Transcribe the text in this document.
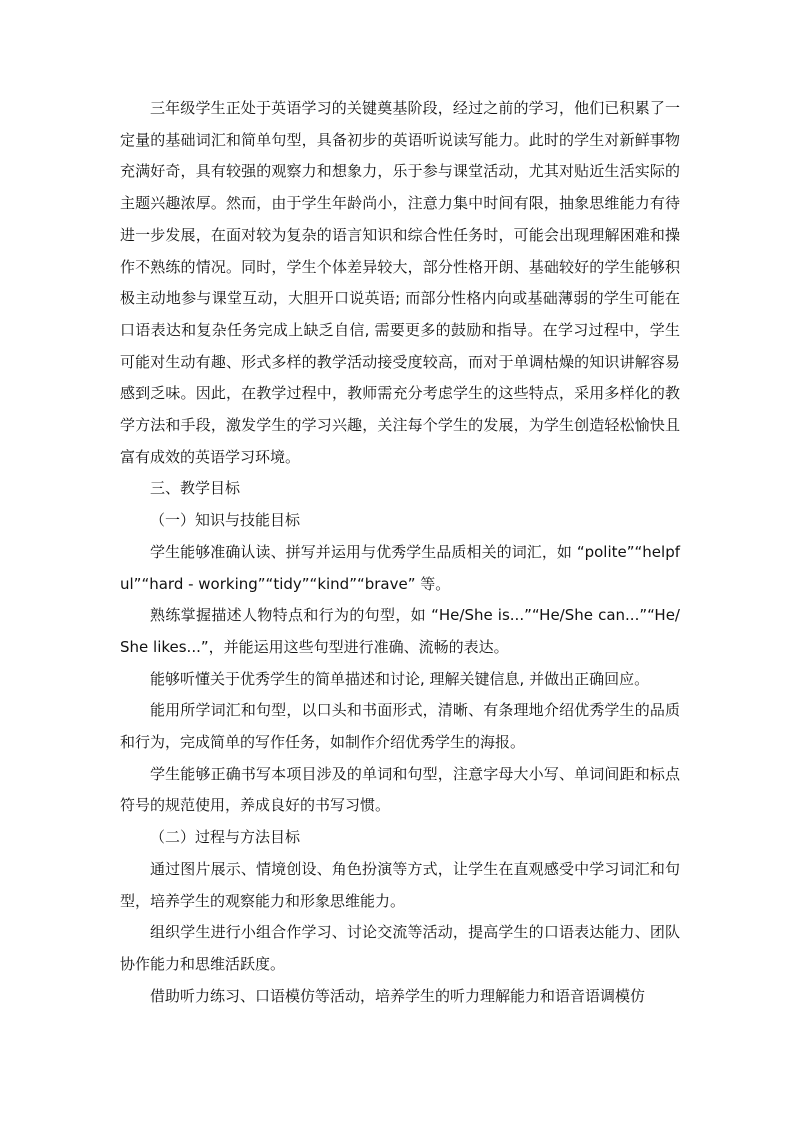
三年级学生正处于英语学习的关键奠基阶段，经过之前的学习，他们已积累了一定量的基础词汇和简单句型，具备初步的英语听说读写能力。此时的学生对新鲜事物充满好奇，具有较强的观察力和想象力，乐于参与课堂活动，尤其对贴近生活实际的主题兴趣浓厚。然而，由于学生年龄尚小，注意力集中时间有限，抽象思维能力有待进一步发展，在面对较为复杂的语言知识和综合性任务时，可能会出现理解困难和操作不熟练的情况。同时，学生个体差异较大，部分性格开朗、基础较好的学生能够积极主动地参与课堂互动，大胆开口说英语; 而部分性格内向或基础薄弱的学生可能在口语表达和复杂任务完成上缺乏自信, 需要更多的鼓励和指导。在学习过程中，学生可能对生动有趣、形式多样的教学活动接受度较高，而对于单调枯燥的知识讲解容易感到乏味。因此，在教学过程中，教师需充分考虑学生的这些特点，采用多样化的教学方法和手段，激发学生的学习兴趣，关注每个学生的发展，为学生创造轻松愉快且富有成效的英语学习环境。

三、教学目标

（一）知识与技能目标

学生能够准确认读、拼写并运用与优秀学生品质相关的词汇，如 “polite”“helpful”“hard - working”“tidy”“kind”“brave” 等。

熟练掌握描述人物特点和行为的句型，如 “He/She is...”“He/She can...”“He/She likes...”，并能运用这些句型进行准确、流畅的表达。

能够听懂关于优秀学生的简单描述和讨论, 理解关键信息, 并做出正确回应。

能用所学词汇和句型，以口头和书面形式，清晰、有条理地介绍优秀学生的品质和行为，完成简单的写作任务，如制作介绍优秀学生的海报。

学生能够正确书写本项目涉及的单词和句型，注意字母大小写、单词间距和标点符号的规范使用，养成良好的书写习惯。

（二）过程与方法目标

通过图片展示、情境创设、角色扮演等方式，让学生在直观感受中学习词汇和句型，培养学生的观察能力和形象思维能力。

组织学生进行小组合作学习、讨论交流等活动，提高学生的口语表达能力、团队协作能力和思维活跃度。

借助听力练习、口语模仿等活动，培养学生的听力理解能力和语音语调模仿
